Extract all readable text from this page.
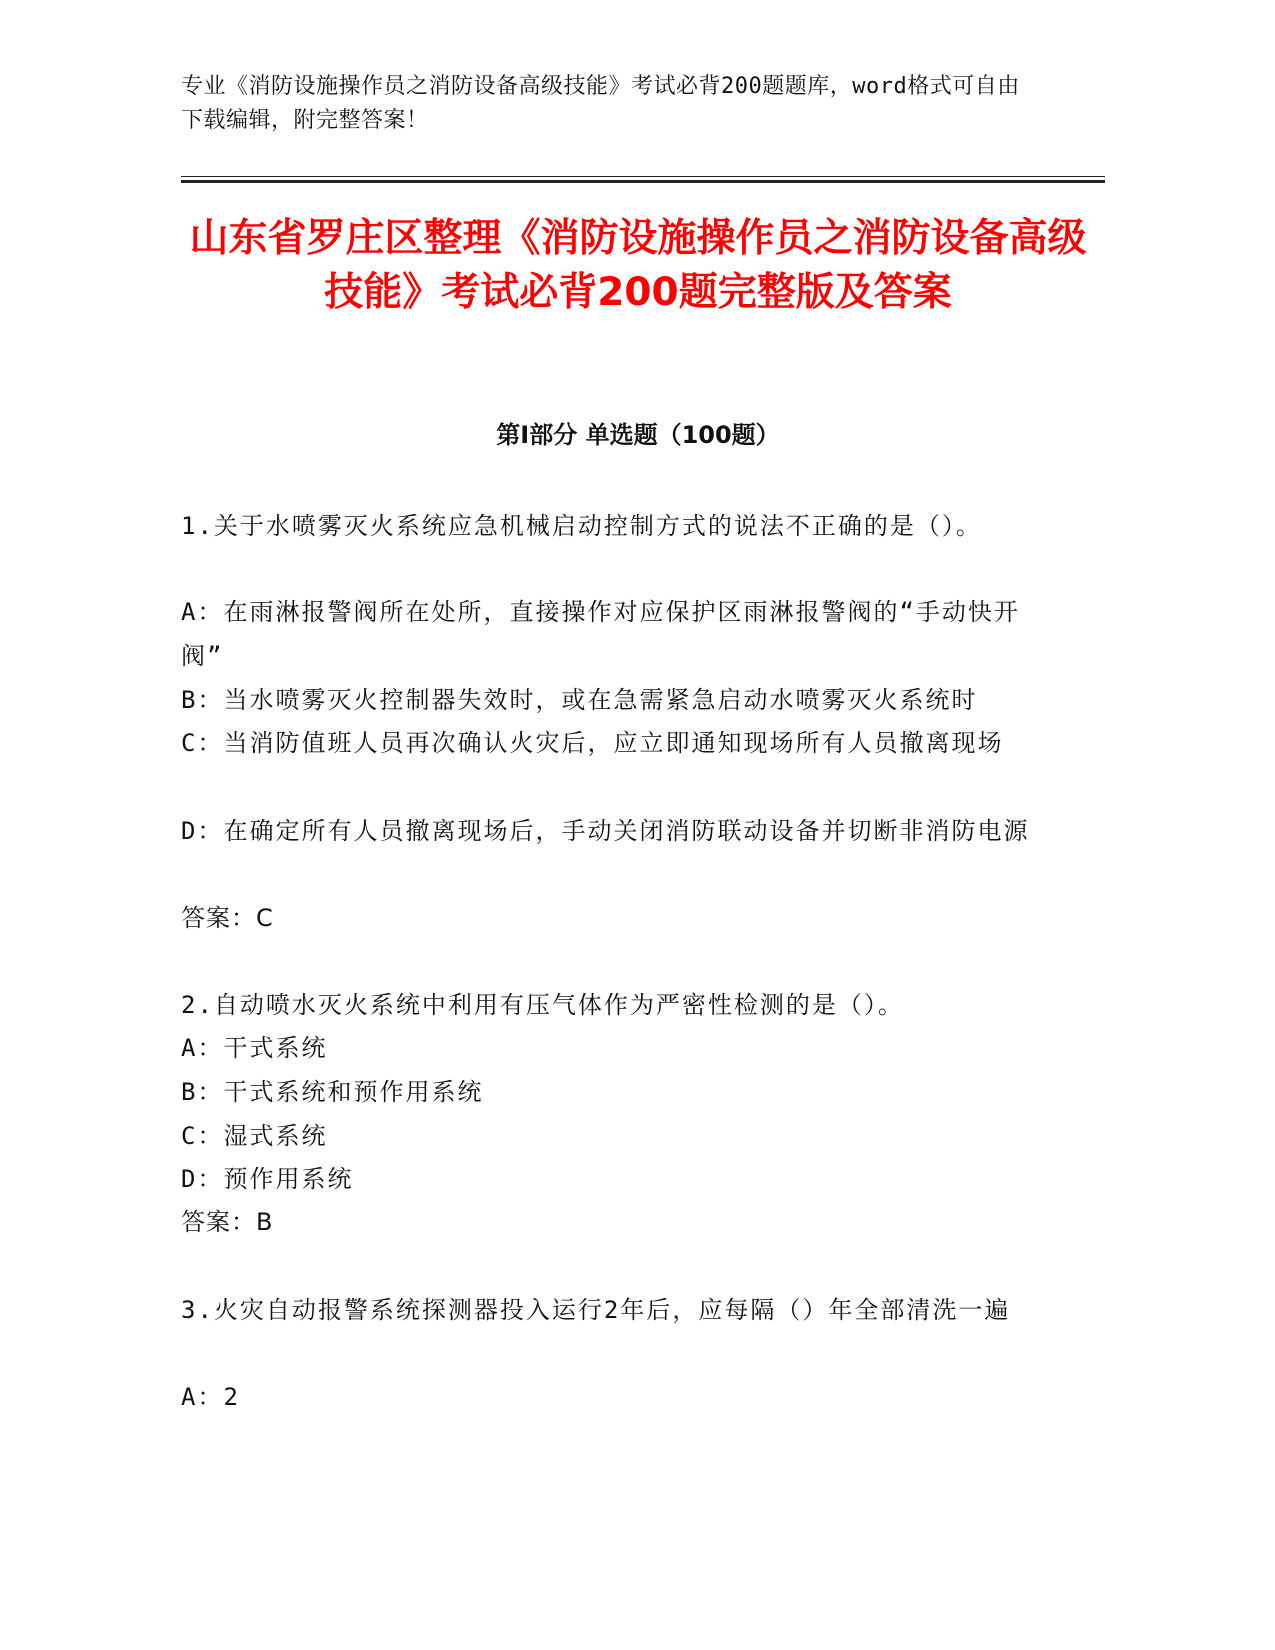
专业《消防设施操作员之消防设备高级技能》考试必背200题题库，word格式可自由下载编辑，附完整答案！
山东省罗庄区整理《消防设施操作员之消防设备高级技能》考试必背200题完整版及答案
第Ⅰ部分 单选题（100题）
1.关于水喷雾灭火系统应急机械启动控制方式的说法不正确的是（）。
A：在雨淋报警阀所在处所，直接操作对应保护区雨淋报警阀的“手动快开阀”
B：当水喷雾灭火控制器失效时，或在急需紧急启动水喷雾灭火系统时
C：当消防值班人员再次确认火灾后，应立即通知现场所有人员撤离现场
D：在确定所有人员撤离现场后，手动关闭消防联动设备并切断非消防电源
答案：C
2.自动喷水灭火系统中利用有压气体作为严密性检测的是（）。
A：干式系统
B：干式系统和预作用系统
C：湿式系统
D：预作用系统
答案：B
3.火灾自动报警系统探测器投入运行2年后，应每隔（）年全部清洗一遍
A：2
